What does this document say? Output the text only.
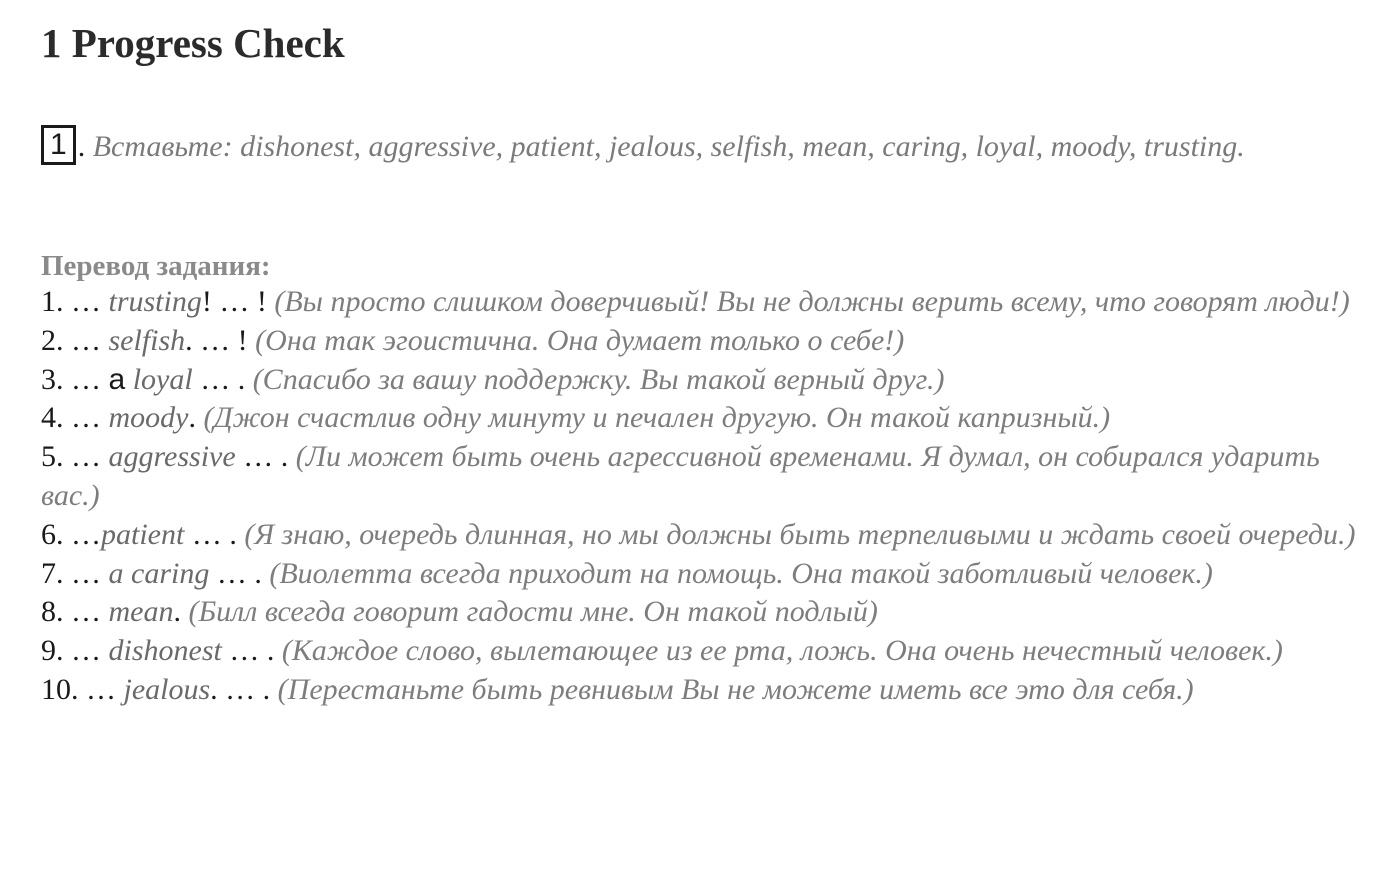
1 Progress Check
1 . Вставьте: dishonest, aggressive, patient, jealous, selfish, mean, caring, loyal, moody, trusting.
Перевод задания:
1. … trusting! … ! (Вы просто слишком доверчивый! Вы не должны верить всему, что говорят люди!)
2. … selfish. … ! (Она так эгоистична. Она думает только о себе!)
3. … a loyal … . (Спасибо за вашу поддержку. Вы такой верный друг.)
4. … moody. (Джон счастлив одну минуту и печален другую. Он такой капризный.)
5. … aggressive … . (Ли может быть очень агрессивной временами. Я думал, он собирался ударить вас.)
6. …patient … . (Я знаю, очередь длинная, но мы должны быть терпеливыми и ждать своей очереди.)
7. … a caring … . (Виолетта всегда приходит на помощь. Она такой заботливый человек.)
8. … mean. (Билл всегда говорит гадости мне. Он такой подлый)
9. … dishonest … . (Каждое слово, вылетающее из ее рта, ложь. Она очень нечестный человек.)
10. … jealous. … . (Перестаньте быть ревнивым Вы не можете иметь все это для себя.)
